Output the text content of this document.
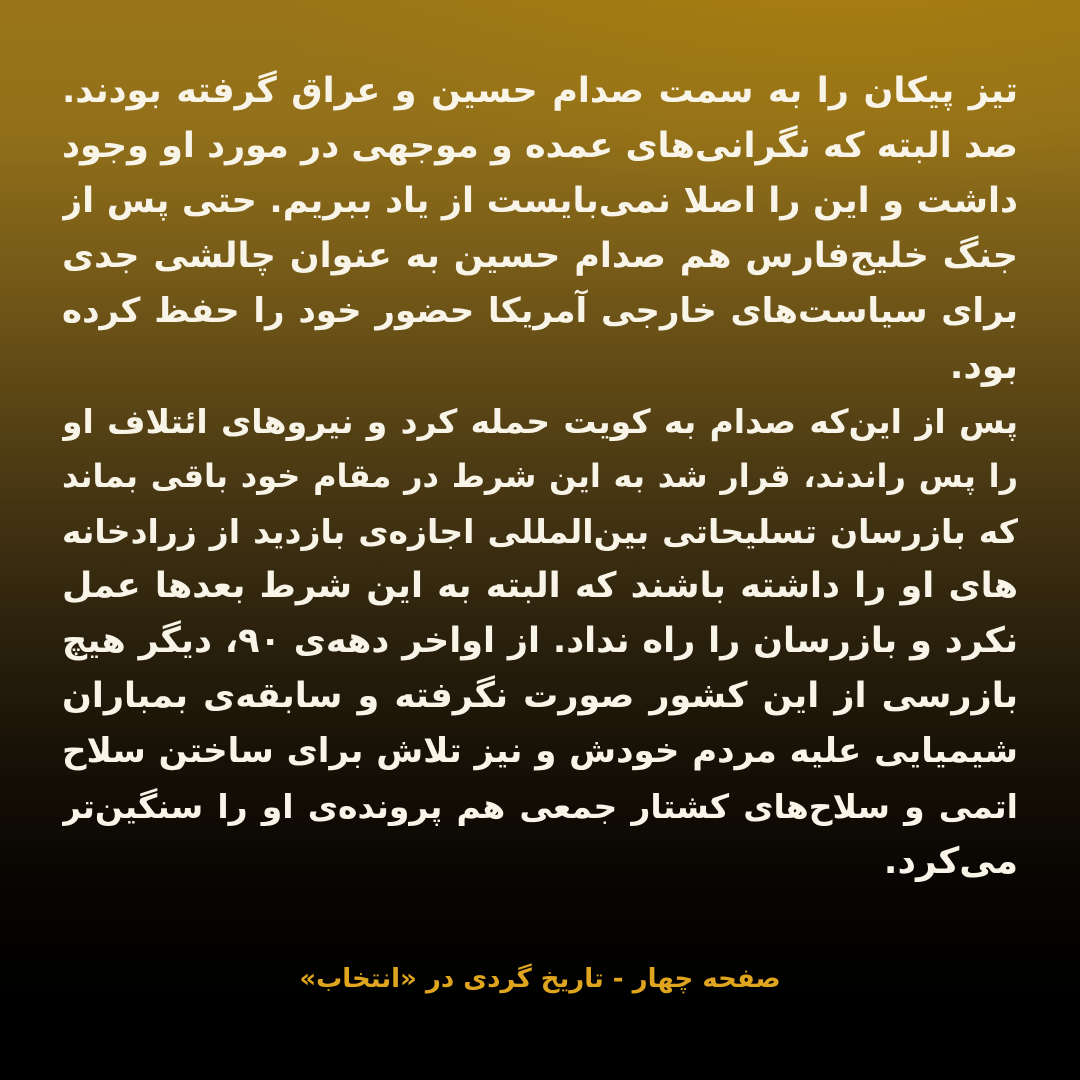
تیز پیکان را به سمت صدام حسین و عراق گرفته بودند.
صد البته که نگرانی‌های عمده و موجهی در مورد او وجود
داشت و این را اصلا نمی‌بایست از یاد ببریم. حتی پس از
جنگ خلیج‌فارس هم صدام حسین به عنوان چالشی جدی
برای سیاست‌های خارجی آمریکا حضور خود را حفظ کرده
بود.
پس از این‌که صدام به کویت حمله کرد و نیروهای ائتلاف او
را پس راندند، قرار شد به این شرط در مقام خود باقی بماند
که بازرسان تسلیحاتی بین‌المللی اجازه‌ی بازدید از زرادخانه
های او را داشته باشند که البته به این شرط بعدها عمل
نکرد و بازرسان را راه نداد. از اواخر دهه‌ی ۹۰، دیگر هیچ
بازرسی از این کشور صورت نگرفته و سابقه‌ی بمباران
شیمیایی علیه مردم خودش و نیز تلاش برای ساختن سلاح
اتمی و سلاح‌های کشتار جمعی هم پرونده‌ی او را سنگین‌تر
می‌کرد.
صفحه چهار - تاریخ گردی در «انتخاب»
